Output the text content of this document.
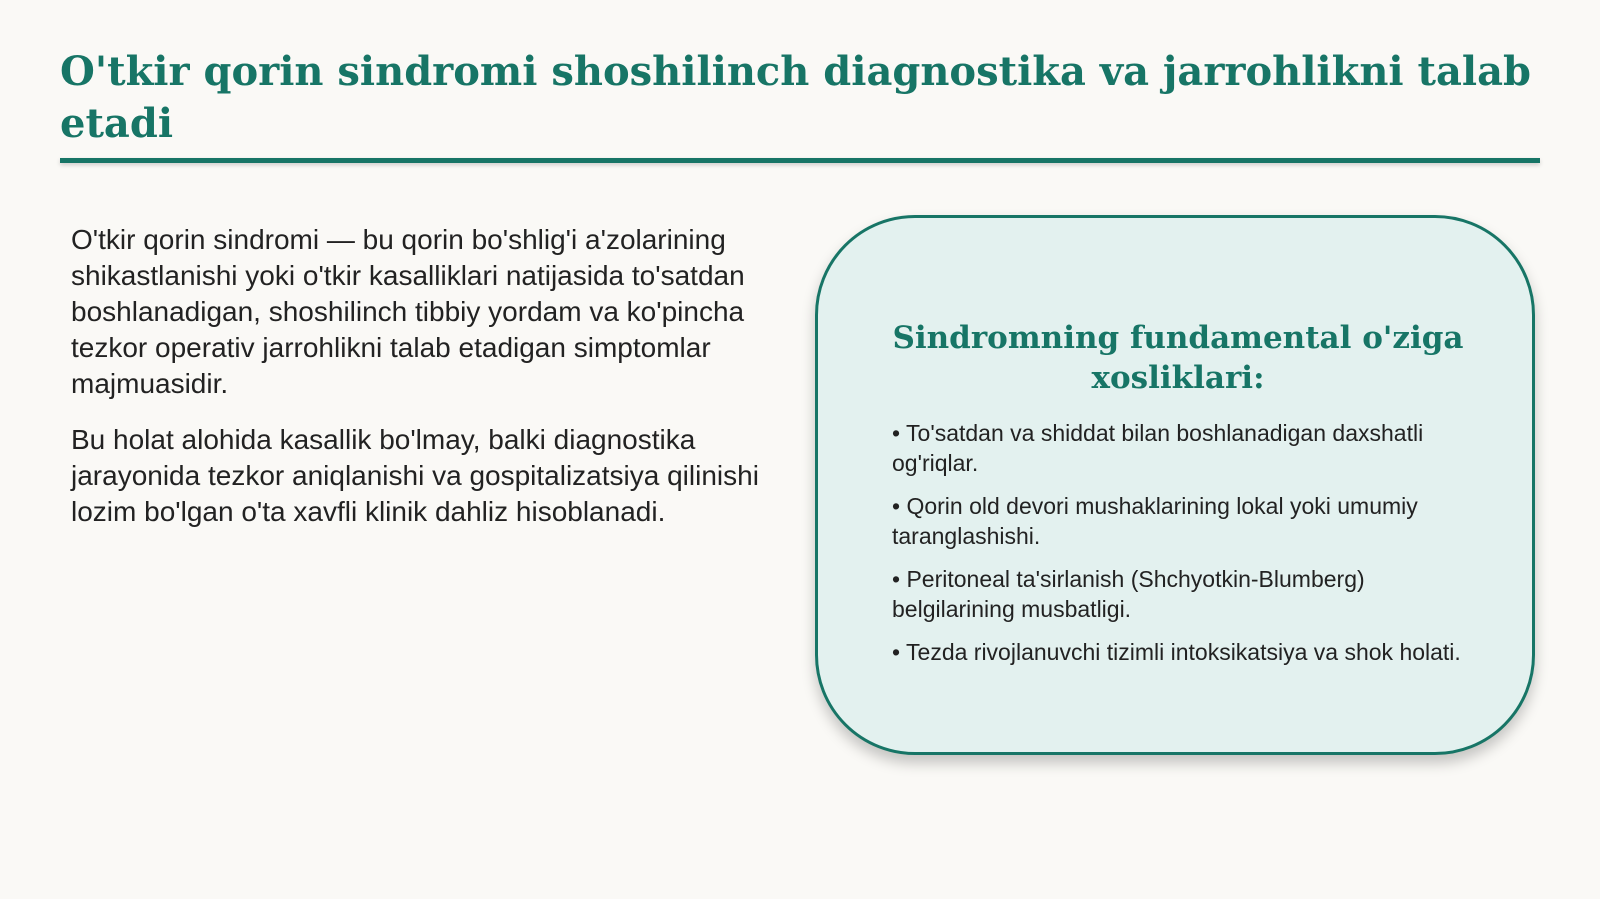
O'tkir qorin sindromi shoshilinch diagnostika va jarrohlikni talab etadi

O'tkir qorin sindromi — bu qorin bo'shlig'i a'zolarining shikastlanishi yoki o'tkir kasalliklari natijasida to'satdan boshlanadigan, shoshilinch tibbiy yordam va ko'pincha tezkor operativ jarrohlikni talab etadigan simptomlar majmuasidir.

Bu holat alohida kasallik bo'lmay, balki diagnostika jarayonida tezkor aniqlanishi va gospitalizatsiya qilinishi lozim bo'lgan o'ta xavfli klinik dahliz hisoblanadi.

Sindromning fundamental o'ziga xosliklari:
• To'satdan va shiddat bilan boshlanadigan daxshatli og'riqlar.
• Qorin old devori mushaklarining lokal yoki umumiy taranglashishi.
• Peritoneal ta'sirlanish (Shchyotkin-Blumberg) belgilarining musbatligi.
• Tezda rivojlanuvchi tizimli intoksikatsiya va shok holati.
